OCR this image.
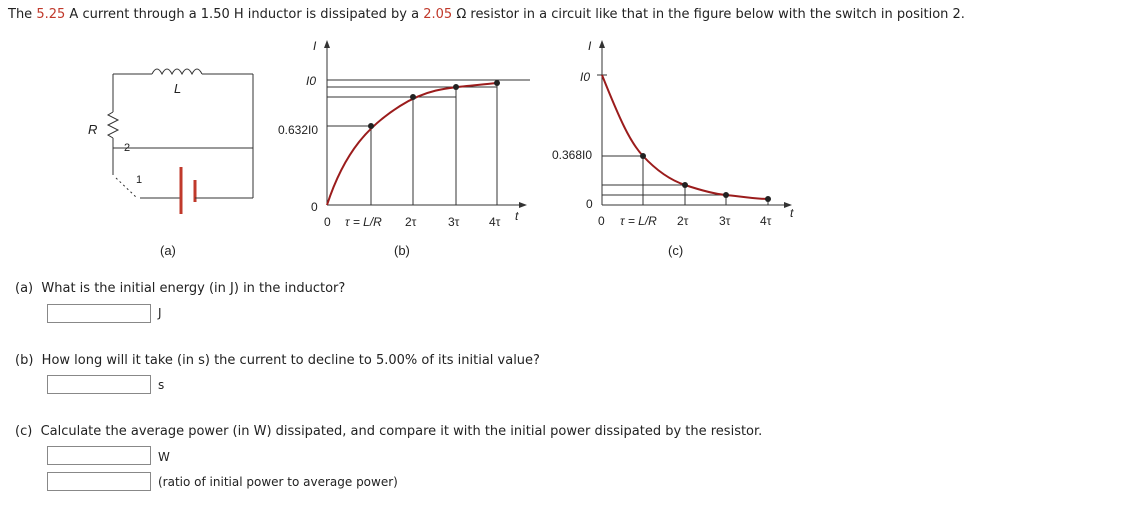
The 5.25 A current through a 1.50 H inductor is dissipated by a 2.05 Ω resistor in a circuit like that in the figure below with the switch in position 2.
L
R
2
1
(a)
I
t
I0
0.632I0
0
0 τ = L/R 2τ	3τ 4τ
(b)
I
t
I0
0.368I0
0
0 τ = L/R 2τ	3τ 4τ
(c)
(a) What is the initial energy (in J) in the inductor?
J
(b) How long will it take (in s) the current to decline to 5.00% of its initial value?
s
(c) Calculate the average power (in W) dissipated, and compare it with the initial power dissipated by the resistor.
W
(ratio of initial power to average power)
